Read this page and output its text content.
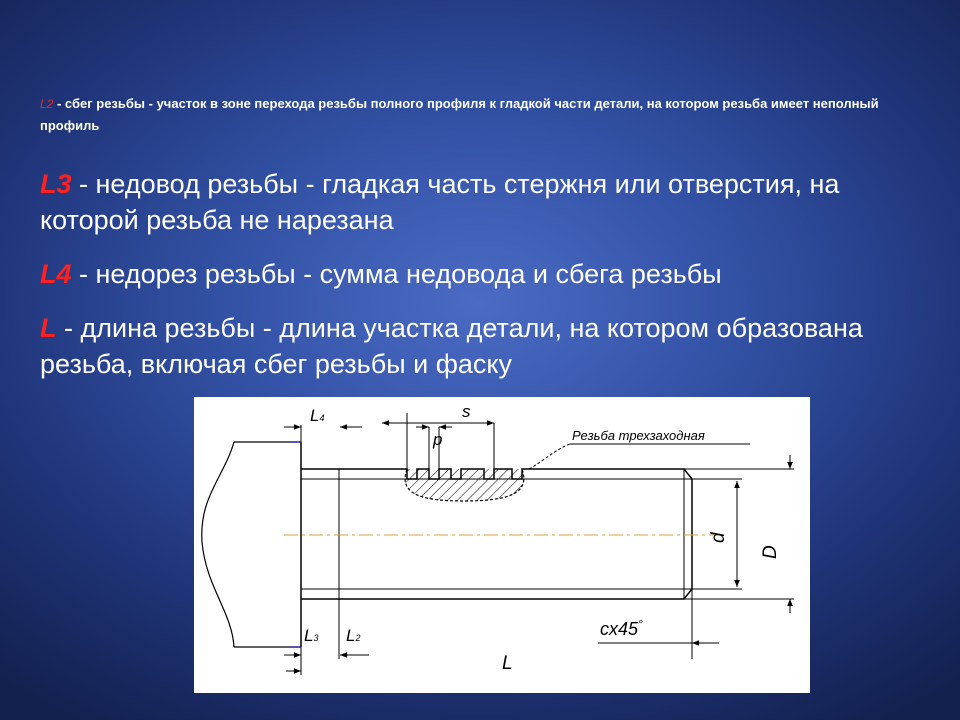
L2 - сбег резьбы - участок в зоне перехода резьбы полного профиля к гладкой части детали, на котором резьба имеет неполный профиль
L3 - недовод резьбы - гладкая часть стержня или отверстия, на которой резьба не нарезана
L4 - недорез резьбы - сумма недовода и сбега резьбы
L - длина резьбы - длина участка детали, на котором образована резьба, включая сбег резьбы и фаску
L4	s
p	Резьба трехзаходная
d
D
L3 L2	cx45°
L
